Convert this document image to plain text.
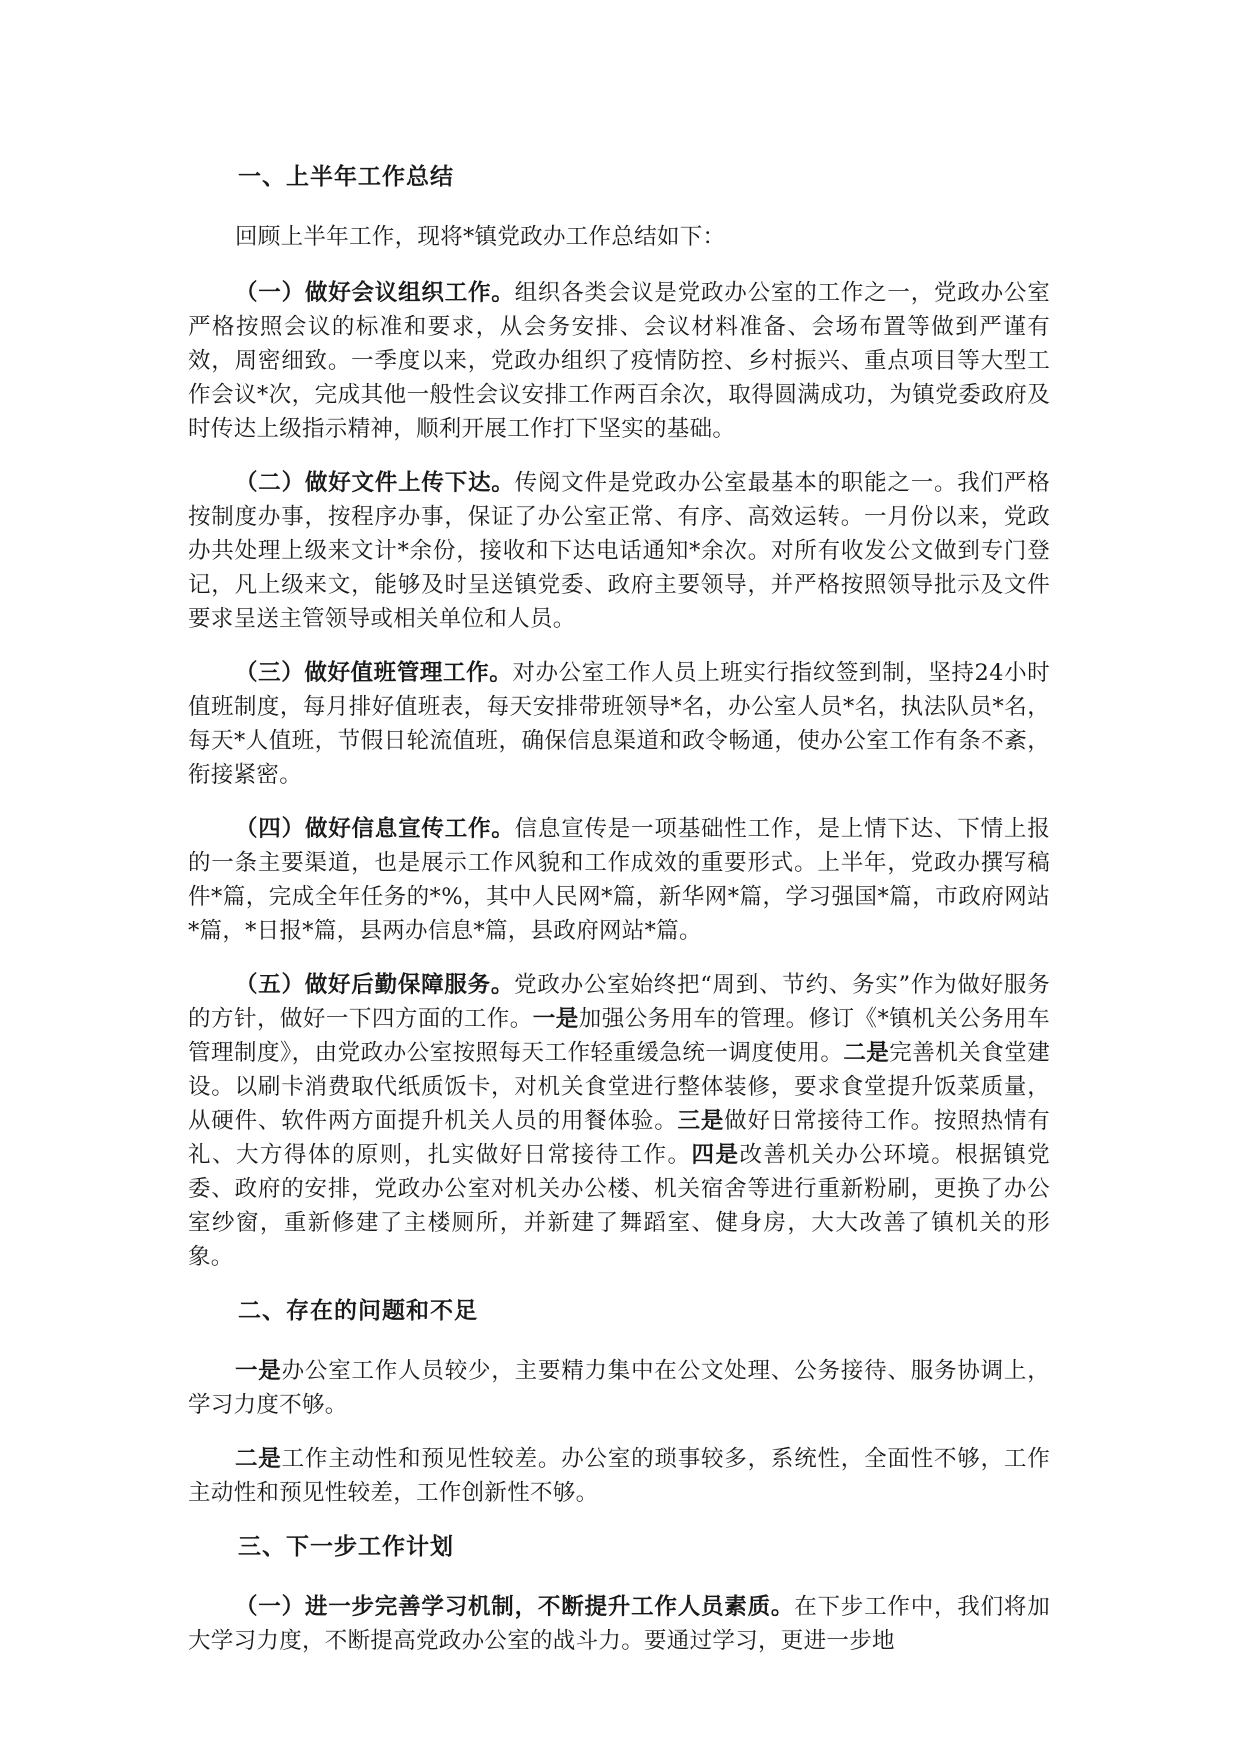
一、上半年工作总结

回顾上半年工作，现将*镇党政办工作总结如下：

（一）做好会议组织工作。组织各类会议是党政办公室的工作之一，党政办公室严格按照会议的标准和要求，从会务安排、会议材料准备、会场布置等做到严谨有效，周密细致。一季度以来，党政办组织了疫情防控、乡村振兴、重点项目等大型工作会议*次，完成其他一般性会议安排工作两百余次，取得圆满成功，为镇党委政府及时传达上级指示精神，顺利开展工作打下坚实的基础。

（二）做好文件上传下达。传阅文件是党政办公室最基本的职能之一。我们严格按制度办事，按程序办事，保证了办公室正常、有序、高效运转。一月份以来，党政办共处理上级来文计*余份，接收和下达电话通知*余次。对所有收发公文做到专门登记，凡上级来文，能够及时呈送镇党委、政府主要领导，并严格按照领导批示及文件要求呈送主管领导或相关单位和人员。

（三）做好值班管理工作。对办公室工作人员上班实行指纹签到制，坚持24小时值班制度，每月排好值班表，每天安排带班领导*名，办公室人员*名，执法队员*名，每天*人值班，节假日轮流值班，确保信息渠道和政令畅通，使办公室工作有条不紊，衔接紧密。

（四）做好信息宣传工作。信息宣传是一项基础性工作，是上情下达、下情上报的一条主要渠道，也是展示工作风貌和工作成效的重要形式。上半年，党政办撰写稿件*篇，完成全年任务的*%，其中人民网*篇，新华网*篇，学习强国*篇，市政府网站*篇，*日报*篇，县两办信息*篇，县政府网站*篇。

（五）做好后勤保障服务。党政办公室始终把“周到、节约、务实”作为做好服务的方针，做好一下四方面的工作。一是加强公务用车的管理。修订《*镇机关公务用车管理制度》，由党政办公室按照每天工作轻重缓急统一调度使用。二是完善机关食堂建设。以刷卡消费取代纸质饭卡，对机关食堂进行整体装修，要求食堂提升饭菜质量，从硬件、软件两方面提升机关人员的用餐体验。三是做好日常接待工作。按照热情有礼、大方得体的原则，扎实做好日常接待工作。四是改善机关办公环境。根据镇党委、政府的安排，党政办公室对机关办公楼、机关宿舍等进行重新粉刷，更换了办公室纱窗，重新修建了主楼厕所，并新建了舞蹈室、健身房，大大改善了镇机关的形象。

二、存在的问题和不足

一是办公室工作人员较少，主要精力集中在公文处理、公务接待、服务协调上，学习力度不够。

二是工作主动性和预见性较差。办公室的琐事较多，系统性，全面性不够，工作主动性和预见性较差，工作创新性不够。

三、下一步工作计划

（一）进一步完善学习机制，不断提升工作人员素质。在下步工作中，我们将加大学习力度，不断提高党政办公室的战斗力。要通过学习，更进一步地
